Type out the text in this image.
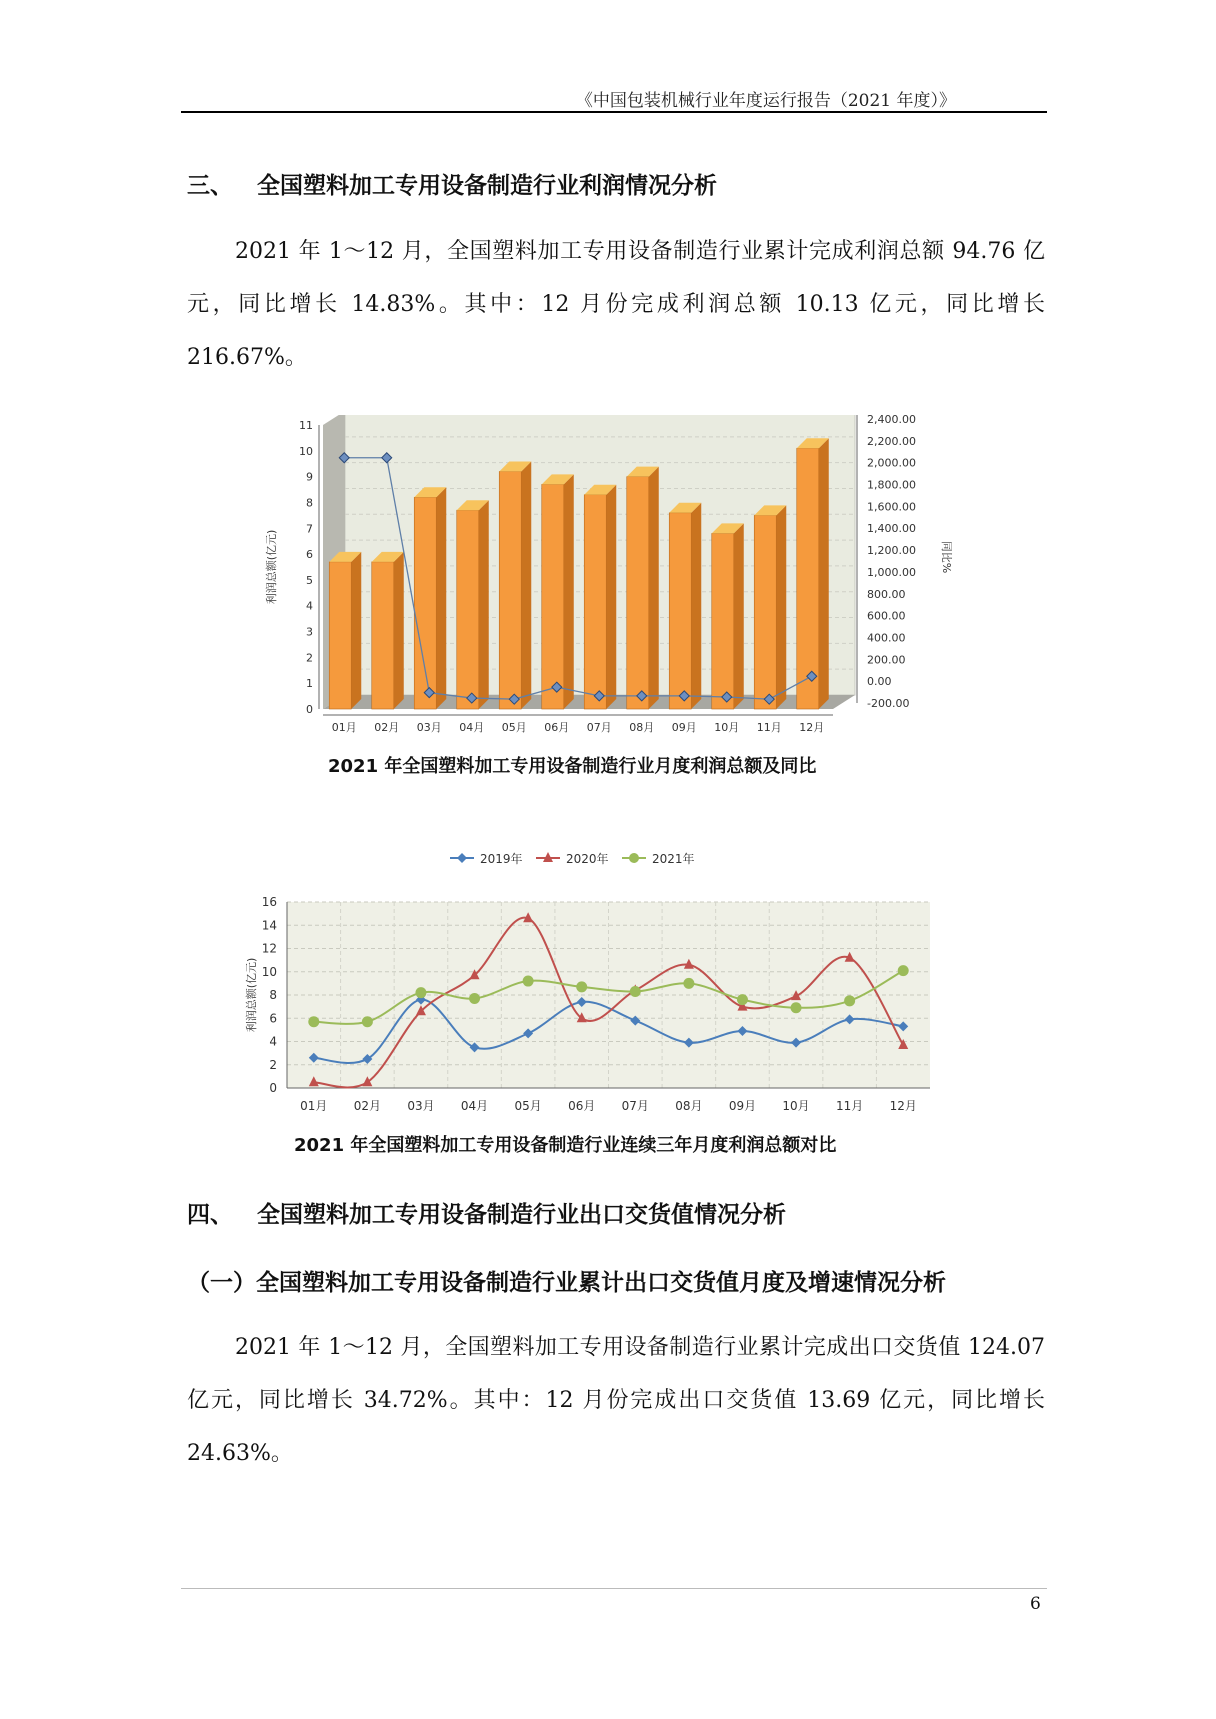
《中国包装机械行业年度运行报告（2021 年度）》
三、 全国塑料加工专用设备制造行业利润情况分析
2021 年 1～12 月，全国塑料加工专用设备制造行业累计完成利润总额 94.76 亿元，同比增长 14.83%。其中：12 月份完成利润总额 10.13 亿元，同比增长 216.67%。
0
1
2
3
4
5
6
7
8
9
10
11
-200.00
0.00
200.00
400.00
600.00
800.00
1,000.00
1,200.00
1,400.00
1,600.00
1,800.00
2,000.00
2,200.00
2,400.00
利润总额(亿元)	同比%
01月 02月 03月 04月 05月 06月 07月 08月 09月 10月 11月 12月
2021 年全国塑料加工专用设备制造行业月度利润总额及同比
2019年	2020年	2021年
0
2
4
6
8
10
12
14
16
01月 02月 03月 04月 05月 06月 07月 08月 09月 10月 11月 12月
利润总额(亿元)
2021 年全国塑料加工专用设备制造行业连续三年月度利润总额对比
四、 全国塑料加工专用设备制造行业出口交货值情况分析
（一）全国塑料加工专用设备制造行业累计出口交货值月度及增速情况分析
2021 年 1～12 月，全国塑料加工专用设备制造行业累计完成出口交货值 124.07 亿元，同比增长 34.72%。其中：12 月份完成出口交货值 13.69 亿元，同比增长 24.63%。
6
